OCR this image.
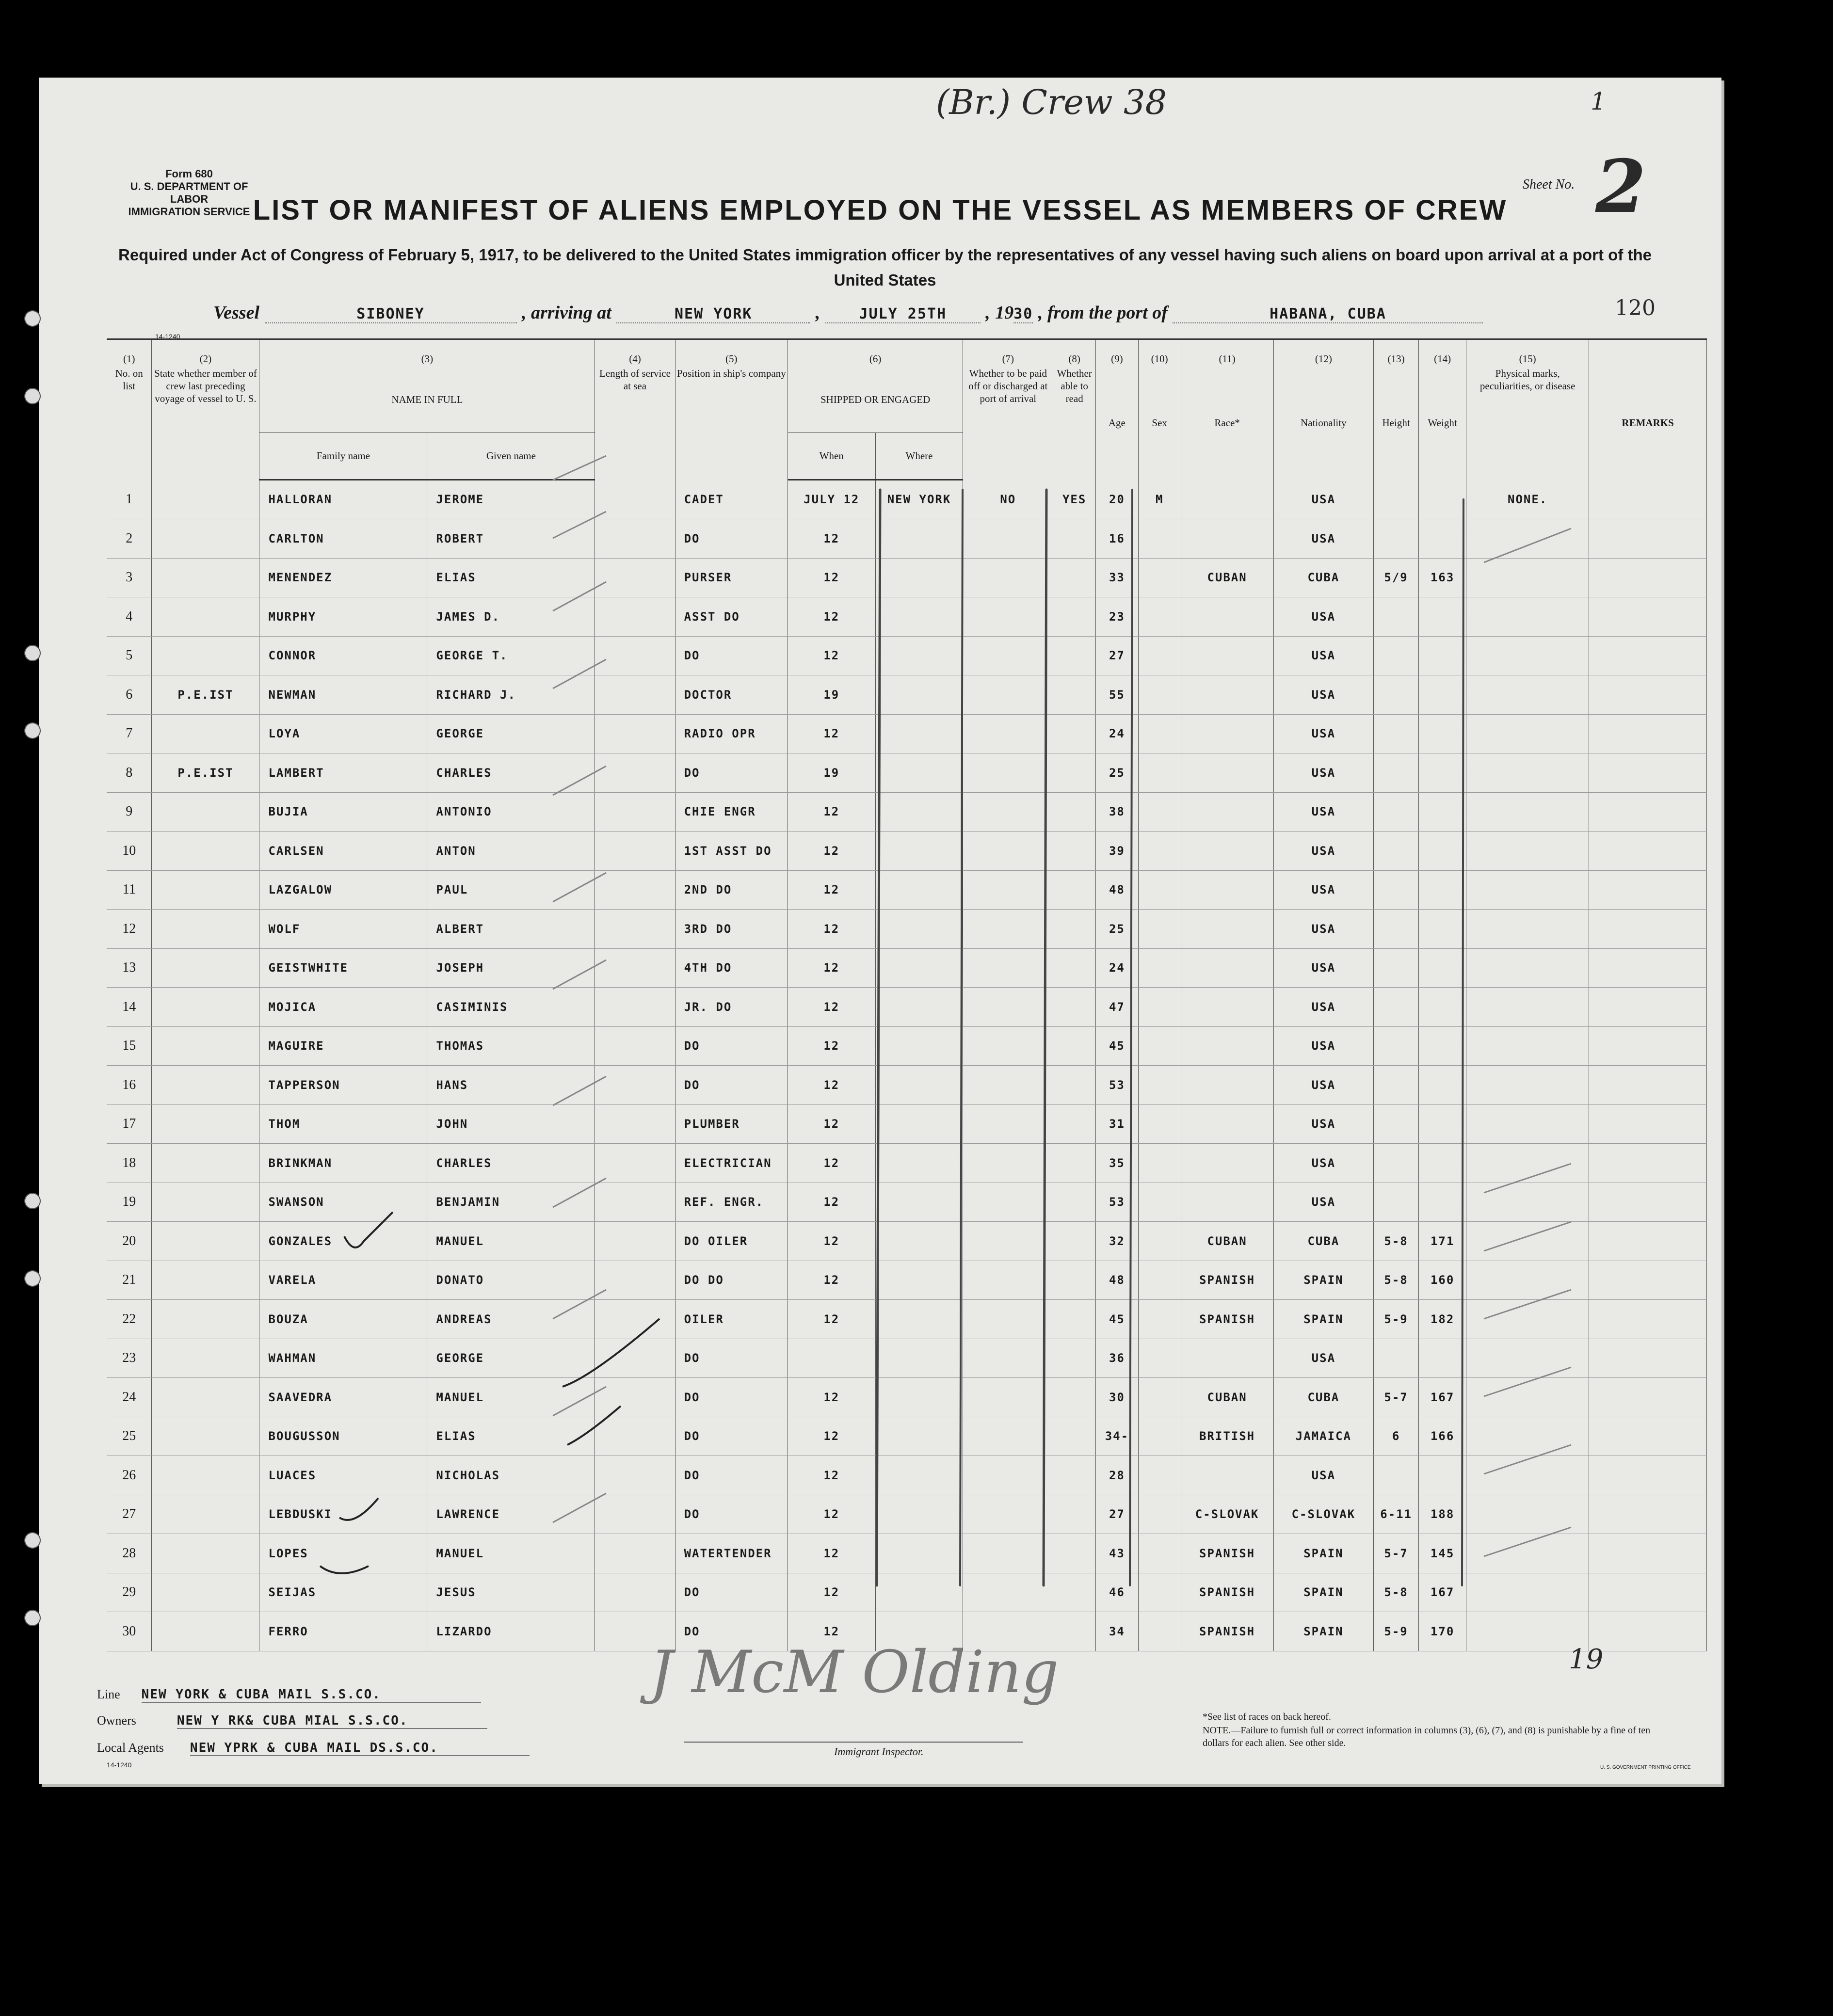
(Br.) Crew 38	1
Sheet No. 2
Form 680
U. S. DEPARTMENT OF LABOR
IMMIGRATION SERVICE LIST OR MANIFEST OF ALIENS EMPLOYED ON THE VESSEL AS MEMBERS OF CREW
Required under Act of Congress of February 5, 1917, to be delivered to the United States immigration officer by the representatives of any vessel having such aliens on board upon arrival at a port of the United States
Vessel	SIBONEY	, arriving at	NEW YORK	,	JULY 25TH , 1930 , from the port of	HABANA, CUBA	120
14-1240
(1)	(2)	(3)		(4)	(5)	(6)		(7)	(8)	(9)	(10)	(11)	(12)	(13)	(14)	(15)	
No. on list	State whether member of crew last preceding voyage of vessel to U. S.	NAME IN FULL		Length of service at sea	Position in ship's company	SHIPPED OR ENGAGED		Whether to be paid off or discharged at port of arrival	Whether able to read	Age	Sex	Race*	Nationality	Height	Weight	Physical marks, peculiarities, or disease	REMARKS
		Family name	Given name			When	Where										
1		HALLORAN	JEROME		CADET	JULY 12	NEW YORK	NO	YES	20	M		USA			NONE.	
2		CARLTON	ROBERT		DO	12				16			USA				
3		MENENDEZ	ELIAS		PURSER	12				33		CUBAN	CUBA	5/9	163		
4		MURPHY	JAMES D.		ASST DO	12				23			USA				
5		CONNOR	GEORGE T.		DO	12				27			USA				
6	P.E.IST	NEWMAN	RICHARD J.		DOCTOR	19				55			USA				
7		LOYA	GEORGE		RADIO OPR	12				24			USA				
8	P.E.IST	LAMBERT	CHARLES		DO	19				25			USA				
9		BUJIA	ANTONIO		CHIE ENGR	12				38			USA				
10		CARLSEN	ANTON		1ST ASST DO	12				39			USA				
11		LAZGALOW	PAUL		2ND DO	12				48			USA				
12		WOLF	ALBERT		3RD DO	12				25			USA				
13		GEISTWHITE	JOSEPH		4TH DO	12				24			USA				
14		MOJICA	CASIMINIS		JR. DO	12				47			USA				
15		MAGUIRE	THOMAS		DO	12				45			USA				
16		TAPPERSON	HANS		DO	12				53			USA				
17		THOM	JOHN		PLUMBER	12				31			USA				
18		BRINKMAN	CHARLES		ELECTRICIAN	12				35			USA				
19		SWANSON	BENJAMIN		REF. ENGR.	12				53			USA				
20		GONZALES	MANUEL		DO OILER	12				32		CUBAN	CUBA	5-8	171		
21		VARELA	DONATO		DO DO	12				48		SPANISH	SPAIN	5-8	160		
22		BOUZA	ANDREAS		OILER	12				45		SPANISH	SPAIN	5-9	182		
23		WAHMAN	GEORGE		DO					36			USA				
24		SAAVEDRA	MANUEL		DO	12				30		CUBAN	CUBA	5-7	167		
25		BOUGUSSON	ELIAS		DO	12				34-		BRITISH	JAMAICA	6	166		
26		LUACES	NICHOLAS		DO	12				28			USA				
27		LEBDUSKI	LAWRENCE		DO	12				27		C-SLOVAK	C-SLOVAK	6-11	188		
28		LOPES	MANUEL		WATERTENDER	12				43		SPANISH	SPAIN	5-7	145		
29		SEIJAS	JESUS		DO	12				46		SPANISH	SPAIN	5-8	167		
30		FERRO	LIZARDO		DO	12				34		SPANISH	SPAIN	5-9	170		
Line NEW YORK & CUBA MAIL S.S.CO.
Owners	NEW Y RK& CUBA MIAL S.S.CO.
Local Agents NEW YPRK & CUBA MAIL DS.S.CO.
14-1240
J McM Olding
Immigrant Inspector.
19
*See list of races on back hereof.
NOTE.—Failure to furnish full or correct information in columns (3), (6), (7), and (8) is punishable by a fine of ten dollars for each alien. See other side.
U. S. GOVERNMENT PRINTING OFFICE
